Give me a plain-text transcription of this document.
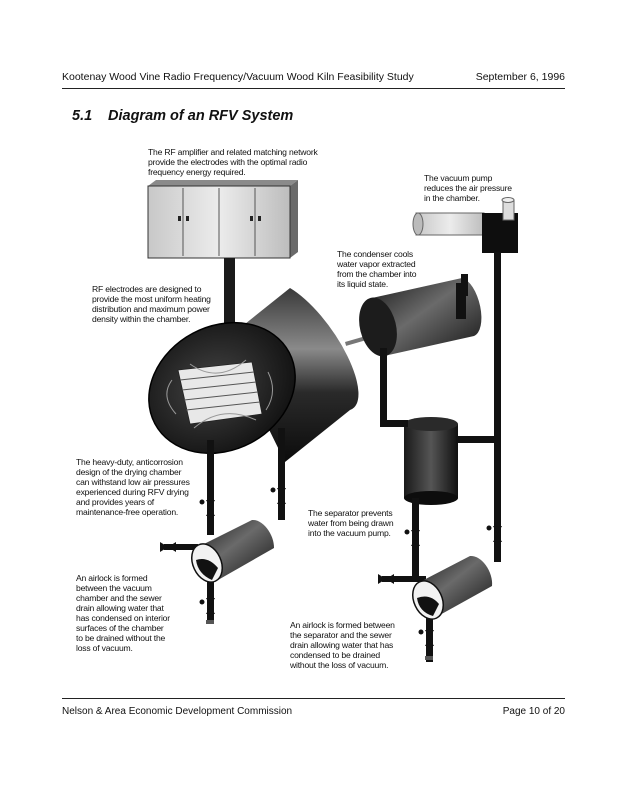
Kootenay Wood Vine Radio Frequency/Vacuum Wood Kiln Feasibility Study	September 6, 1996
5.1 Diagram of an RFV System
The RF amplifier and related matching network
provide the electrodes with the optimal radio
frequency energy required.
The vacuum pump
reduces the air pressure
in the chamber.
The condenser cools
water vapor extracted
from the chamber into
its liquid state.
RF electrodes are designed to
provide the most uniform heating
distribution and maximum power
density within the chamber.
The heavy-duty, anticorrosion
design of the drying chamber
can withstand low air pressures
experienced during RFV drying
and provides years of
maintenance-free operation.	The separator prevents
water from being drawn
into the vacuum pump.
An airlock is formed
between the vacuum
chamber and the sewer
drain allowing water that
has condensed on interior
surfaces of the chamber
to be drained without the
loss of vacuum.
An airlock is formed between
the separator and the sewer
drain allowing water that has
condensed to be drained
without the loss of vacuum.
Nelson & Area Economic Development Commission	Page 10 of 20
